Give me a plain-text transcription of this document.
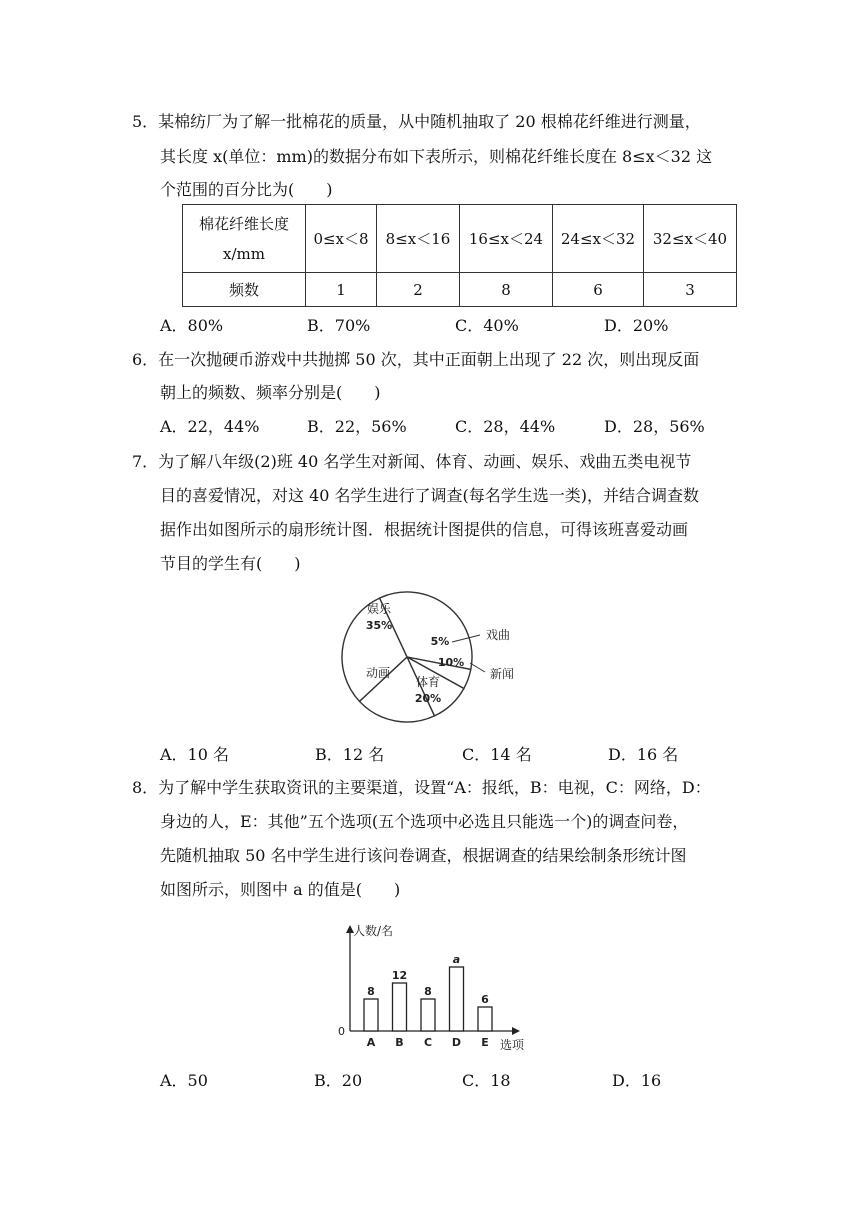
5．某棉纺厂为了解一批棉花的质量，从中随机抽取了 20 根棉花纤维进行测量，
其长度 x(单位：mm)的数据分布如下表所示，则棉花纤维长度在 8≤x＜32 这
个范围的百分比为(　　)
棉花纤维长度
x/mm	0≤x＜8	8≤x＜16	16≤x＜24	24≤x＜32	32≤x＜40
频数	1	2	8	6	3
A．80%	B．70%	C．40%	D．20%
6．在一次抛硬币游戏中共抛掷 50 次，其中正面朝上出现了 22 次，则出现反面
朝上的频数、频率分别是(　　)
A．22，44%	B．22，56%	C．28，44%	D．28，56%
7．为了解八年级(2)班 40 名学生对新闻、体育、动画、娱乐、戏曲五类电视节
目的喜爱情况，对这 40 名学生进行了调查(每名学生选一类)，并结合调查数
据作出如图所示的扇形统计图．根据统计图提供的信息，可得该班喜爱动画
节目的学生有(　　)
娱乐
35%
5%	戏曲
10%
新闻
体育
20%
动画
A．10 名	B．12 名	C．14 名	D．16 名
8．为了解中学生获取资讯的主要渠道，设置“A：报纸，B：电视，C：网络，D：
身边的人，E：其他”五个选项(五个选项中必选且只能选一个)的调查问卷，
先随机抽取 50 名中学生进行该问卷调查，根据调查的结果绘制条形统计图
如图所示，则图中 a 的值是(　　)
人数/名
选项
0
8
A
12
B
8
C
a
D
6
E
A．50	B．20	C．18	D．16
